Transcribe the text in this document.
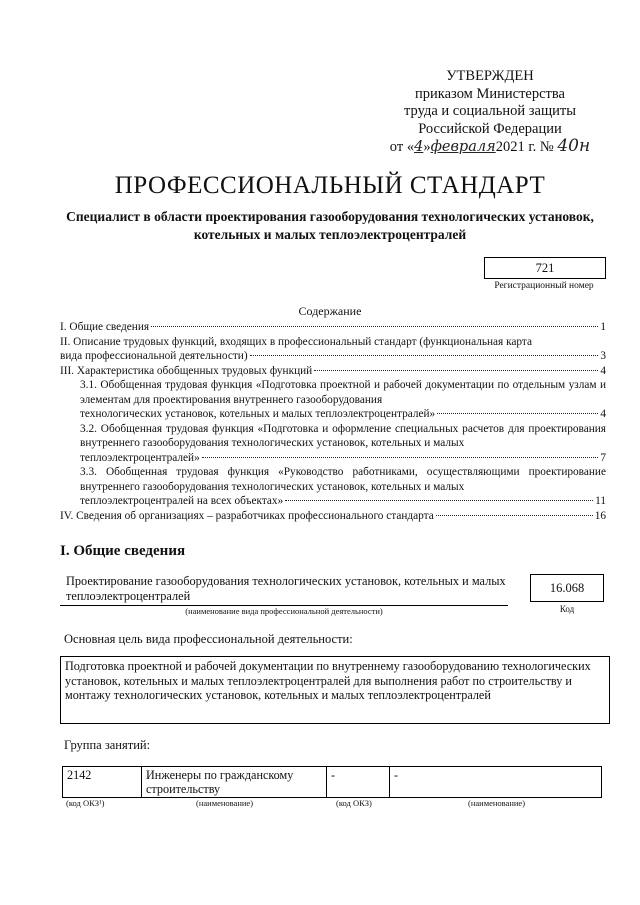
УТВЕРЖДЕН
приказом Министерства
труда и социальной защиты
Российской Федерации
от «4»февраля2021 г. № 40н
ПРОФЕССИОНАЛЬНЫЙ СТАНДАРТ
Специалист в области проектирования газооборудования технологических установок, котельных и малых теплоэлектроцентралей
721
Регистрационный номер
Содержание
I. Общие сведения	1
II. Описание трудовых функций, входящих в профессиональный стандарт (функциональная карта
вида профессиональной деятельности)	3
III. Характеристика обобщенных трудовых функций	4
3.1. Обобщенная трудовая функция «Подготовка проектной и рабочей документации по отдельным узлам и элементам для проектирования внутреннего газооборудования
технологических установок, котельных и малых теплоэлектроцентралей»	4
3.2. Обобщенная трудовая функция «Подготовка и оформление специальных расчетов для проектирования внутреннего газооборудования технологических установок, котельных и малых
теплоэлектроцентралей»	7
3.3. Обобщенная трудовая функция «Руководство работниками, осуществляющими проектирование внутреннего газооборудования технологических установок, котельных и малых
теплоэлектроцентралей на всех объектах»	11
IV. Сведения об организациях – разработчиках профессионального стандарта	16
I. Общие сведения
Проектирование газооборудования технологических установок, котельных и малых теплоэлектроцентралей
(наименование вида профессиональной деятельности)
16.068
Код
Основная цель вида профессиональной деятельности:
Подготовка проектной и рабочей документации по внутреннему газооборудованию технологических установок, котельных и малых теплоэлектроцентралей для выполнения работ по строительству и монтажу технологических установок, котельных и малых теплоэлектроцентралей
Группа занятий:
2142	Инженеры по гражданскому строительству	-	-
(код ОКЗ¹)	(наименование)	(код ОКЗ)	(наименование)
